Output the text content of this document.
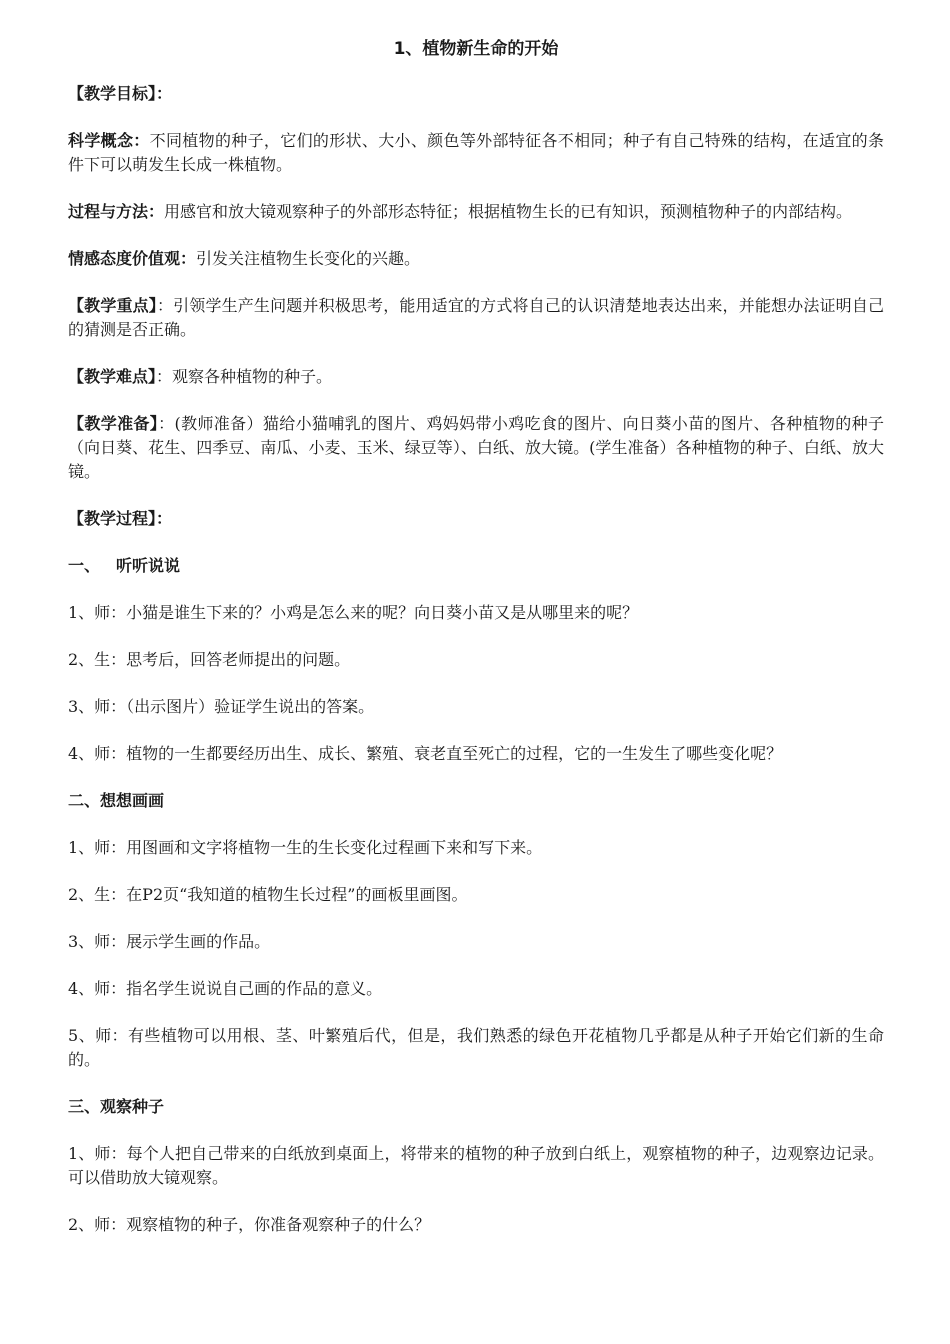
1、植物新生命的开始
【教学目标】：
科学概念：不同植物的种子，它们的形状、大小、颜色等外部特征各不相同；种子有自己特殊的结构，在适宜的条件下可以萌发生长成一株植物。
过程与方法：用感官和放大镜观察种子的外部形态特征；根据植物生长的已有知识，预测植物种子的内部结构。
情感态度价值观：引发关注植物生长变化的兴趣。
【教学重点】：引领学生产生问题并积极思考，能用适宜的方式将自己的认识清楚地表达出来，并能想办法证明自己的猜测是否正确。
【教学难点】：观察各种植物的种子。
【教学准备】：(教师准备）猫给小猫哺乳的图片、鸡妈妈带小鸡吃食的图片、向日葵小苗的图片、各种植物的种子（向日葵、花生、四季豆、南瓜、小麦、玉米、绿豆等）、白纸、放大镜。(学生准备）各种植物的种子、白纸、放大镜。
【教学过程】：
一、 听听说说
1、师：小猫是谁生下来的？小鸡是怎么来的呢？向日葵小苗又是从哪里来的呢？
2、生：思考后，回答老师提出的问题。
3、师：（出示图片）验证学生说出的答案。
4、师：植物的一生都要经历出生、成长、繁殖、衰老直至死亡的过程，它的一生发生了哪些变化呢？
二、想想画画
1、师：用图画和文字将植物一生的生长变化过程画下来和写下来。
2、生：在P2页“我知道的植物生长过程”的画板里画图。
3、师：展示学生画的作品。
4、师：指名学生说说自己画的作品的意义。
5、师：有些植物可以用根、茎、叶繁殖后代，但是，我们熟悉的绿色开花植物几乎都是从种子开始它们新的生命的。
三、观察种子
1、师：每个人把自己带来的白纸放到桌面上，将带来的植物的种子放到白纸上，观察植物的种子，边观察边记录。可以借助放大镜观察。
2、师：观察植物的种子，你准备观察种子的什么？
